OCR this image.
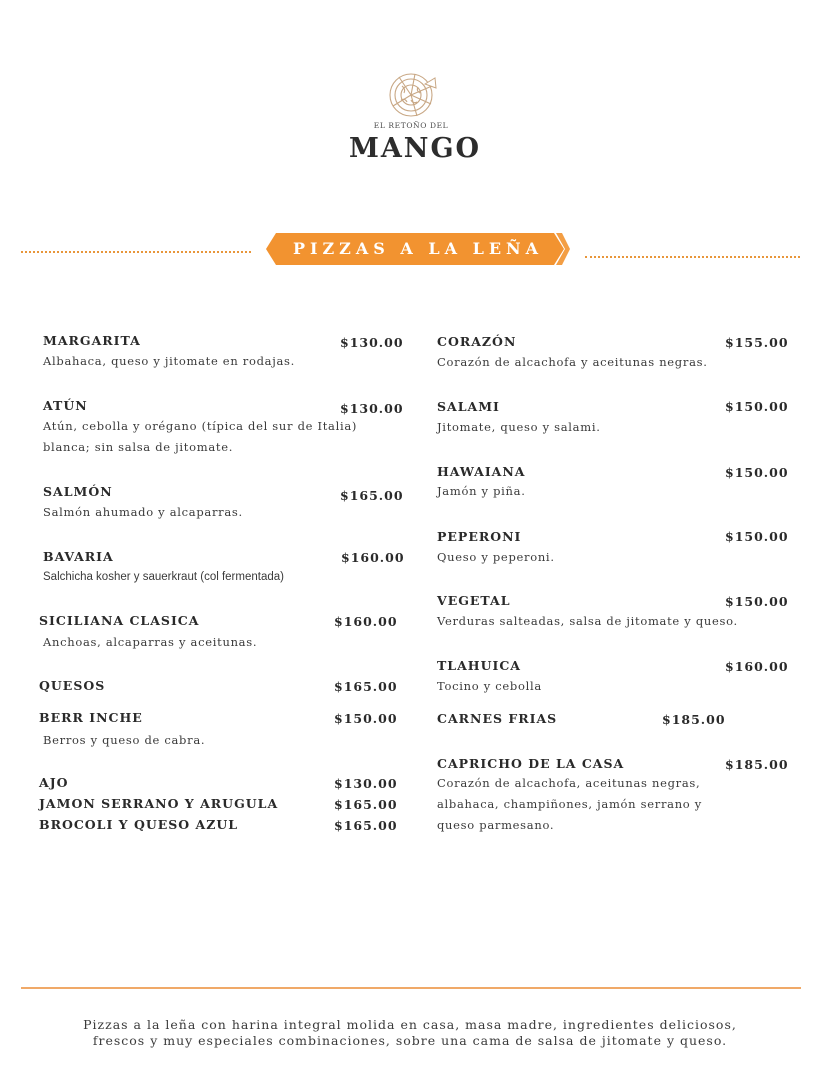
EL RETOÑO DEL
MANGO
PIZZAS A LA LEÑA
MARGARITA	$130.00
Albahaca, queso y jitomate en rodajas.
ATÚN	$130.00
Atún, cebolla y orégano (típica del sur de Italia)
blanca; sin salsa de jitomate.
SALMÓN	$165.00
Salmón ahumado y alcaparras.
BAVARIA	$160.00
Salchicha kosher y sauerkraut (col fermentada)
SICILIANA CLASICA	$160.00
Anchoas, alcaparras y aceitunas.
QUESOS	$165.00
BERR INCHE	$150.00
Berros y queso de cabra.
AJO	$130.00
JAMON SERRANO Y ARUGULA	$165.00
BROCOLI Y QUESO AZUL	$165.00
CORAZÓN	$155.00
Corazón de alcachofa y aceitunas negras.
SALAMI	$150.00
Jitomate, queso y salami.
HAWAIANA	$150.00
Jamón y piña.
PEPERONI	$150.00
Queso y peperoni.
VEGETAL	$150.00
Verduras salteadas, salsa de jitomate y queso.
TLAHUICA	$160.00
Tocino y cebolla
CARNES FRIAS	$185.00
CAPRICHO DE LA CASA	$185.00
Corazón de alcachofa, aceitunas negras,
albahaca, champiñones, jamón serrano y
queso parmesano.
Pizzas a la leña con harina integral molida en casa, masa madre, ingredientes deliciosos,
frescos y muy especiales combinaciones, sobre una cama de salsa de jitomate y queso.
